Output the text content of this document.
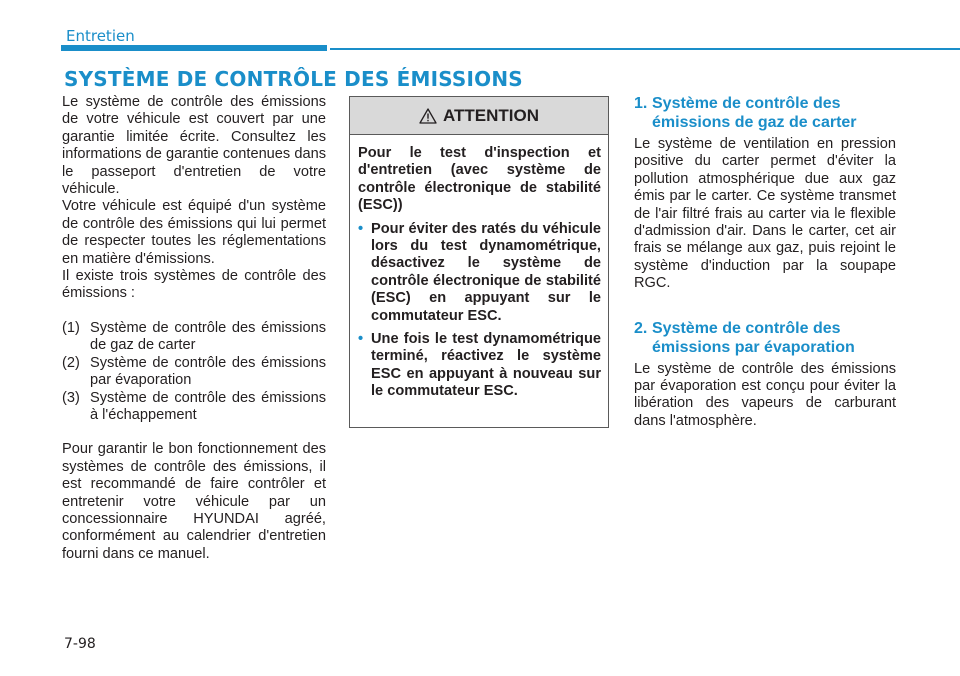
Entretien
SYSTÈME DE CONTRÔLE DES ÉMISSIONS

Le système de contrôle des émissions de votre véhicule est couvert par une garantie limitée écrite. Consultez les informations de garantie contenues dans le passeport d'entretien de votre véhicule.

Votre véhicule est équipé d'un système de contrôle des émissions qui lui permet de respecter toutes les réglementations en matière d'émissions.

Il existe trois systèmes de contrôle des émissions :

(1) Système de contrôle des émissions de gaz de carter
(2) Système de contrôle des émissions par évaporation
(3) Système de contrôle des émissions à l'échappement

Pour garantir le bon fonctionnement des systèmes de contrôle des émissions, il est recommandé de faire contrôler et entretenir votre véhicule par un concessionnaire HYUNDAI agréé, conformément au calendrier d'entretien fourni dans ce manuel.

ATTENTION

Pour le test d'inspection et d'entretien (avec système de contrôle électronique de stabilité (ESC))

• Pour éviter des ratés du véhicule lors du test dynamométrique, désactivez le système de contrôle électronique de stabilité (ESC) en appuyant sur le commutateur ESC.
• Une fois le test dynamométrique terminé, réactivez le système ESC en appuyant à nouveau sur le commutateur ESC.
1. Système de contrôle des
émissions de gaz de carter

Le système de ventilation en pression positive du carter permet d'éviter la pollution atmosphérique due aux gaz émis par le carter. Ce système transmet de l'air filtré frais au carter via le flexible d'admission d'air. Dans le carter, cet air frais se mélange aux gaz, puis rejoint le système d'induction par la soupape RGC.

2. Système de contrôle des
émissions par évaporation

Le système de contrôle des émissions par évaporation est conçu pour éviter la libération des vapeurs de carburant dans l'atmosphère.

7-98
